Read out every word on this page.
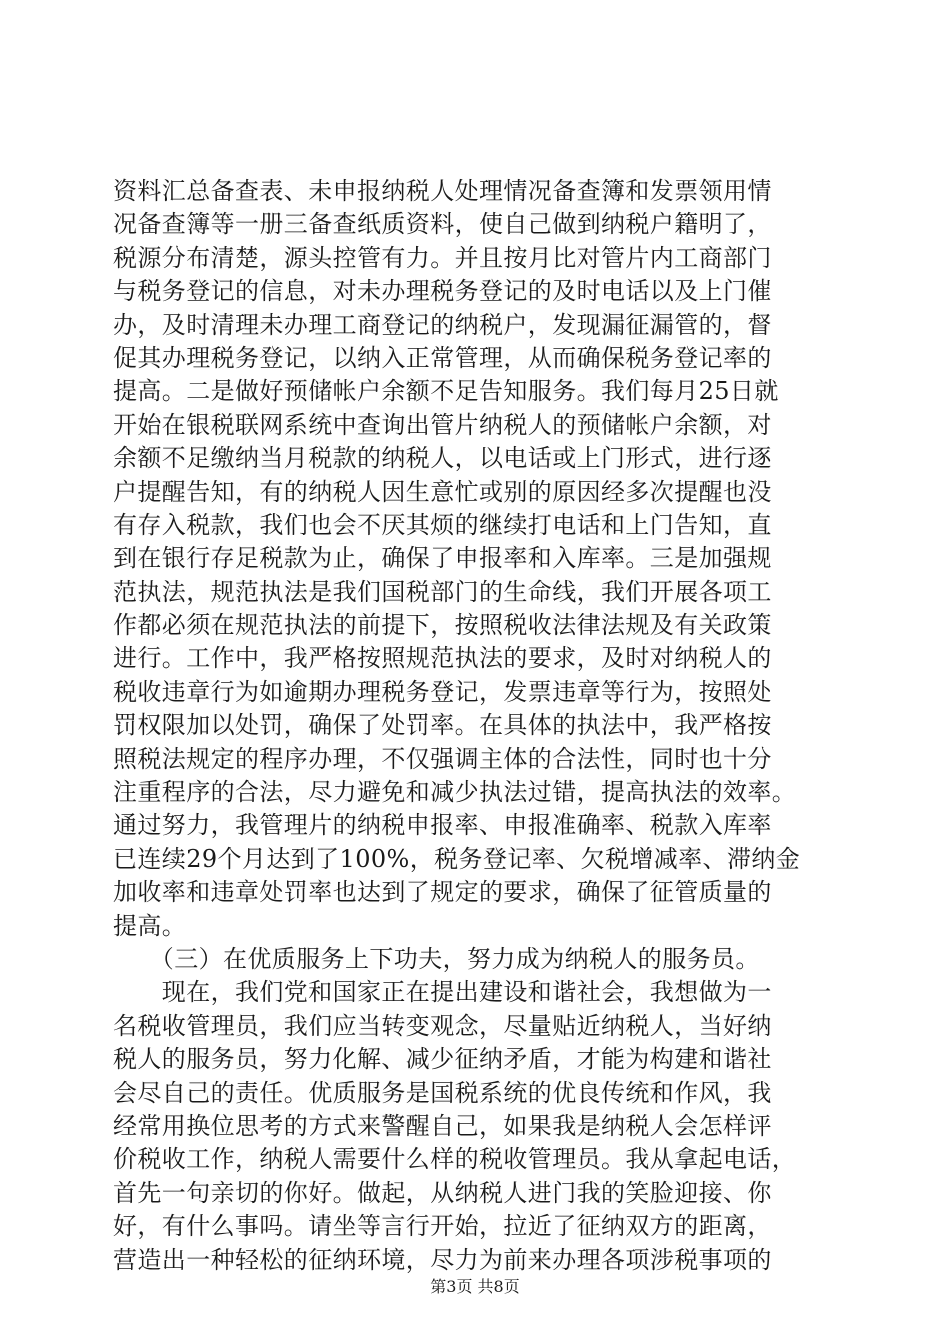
资料汇总备查表、未申报纳税人处理情况备查簿和发票领用情
况备查簿等一册三备查纸质资料，使自己做到纳税户籍明了，
税源分布清楚，源头控管有力。并且按月比对管片内工商部门
与税务登记的信息，对未办理税务登记的及时电话以及上门催
办，及时清理未办理工商登记的纳税户，发现漏征漏管的，督
促其办理税务登记，以纳入正常管理，从而确保税务登记率的
提高。二是做好预储帐户余额不足告知服务。我们每月25日就
开始在银税联网系统中查询出管片纳税人的预储帐户余额，对
余额不足缴纳当月税款的纳税人，以电话或上门形式，进行逐
户提醒告知，有的纳税人因生意忙或别的原因经多次提醒也没
有存入税款，我们也会不厌其烦的继续打电话和上门告知，直
到在银行存足税款为止，确保了申报率和入库率。三是加强规
范执法，规范执法是我们国税部门的生命线，我们开展各项工
作都必须在规范执法的前提下，按照税收法律法规及有关政策
进行。工作中，我严格按照规范执法的要求，及时对纳税人的
税收违章行为如逾期办理税务登记，发票违章等行为，按照处
罚权限加以处罚，确保了处罚率。在具体的执法中，我严格按
照税法规定的程序办理，不仅强调主体的合法性，同时也十分
注重程序的合法，尽力避免和减少执法过错，提高执法的效率。
通过努力，我管理片的纳税申报率、申报准确率、税款入库率
已连续29个月达到了100%，税务登记率、欠税增减率、滞纳金
加收率和违章处罚率也达到了规定的要求，确保了征管质量的
提高。
　　（三）在优质服务上下功夫，努力成为纳税人的服务员。
　　现在，我们党和国家正在提出建设和谐社会，我想做为一
名税收管理员，我们应当转变观念，尽量贴近纳税人，当好纳
税人的服务员，努力化解、减少征纳矛盾，才能为构建和谐社
会尽自己的责任。优质服务是国税系统的优良传统和作风，我
经常用换位思考的方式来警醒自己，如果我是纳税人会怎样评
价税收工作，纳税人需要什么样的税收管理员。我从拿起电话，
首先一句亲切的你好。做起，从纳税人进门我的笑脸迎接、你
好，有什么事吗。请坐等言行开始，拉近了征纳双方的距离，
营造出一种轻松的征纳环境，尽力为前来办理各项涉税事项的
第3页 共8页
